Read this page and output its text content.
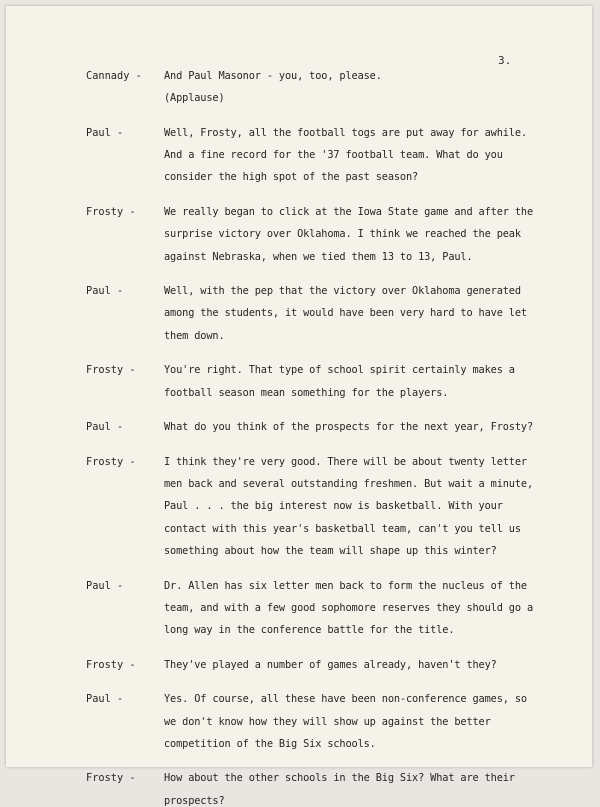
3.
Cannady -	And Paul Masonor - you, too, please.
(Applause)
Paul -	Well, Frosty, all the football togs are put away for awhile.
And a fine record for the '37 football team. What do you
consider the high spot of the past season?
Frosty -	We really began to click at the Iowa State game and after the
surprise victory over Oklahoma. I think we reached the peak
against Nebraska, when we tied them 13 to 13, Paul.
Paul -	Well, with the pep that the victory over Oklahoma generated
among the students, it would have been very hard to have let
them down.
Frosty -	You're right. That type of school spirit certainly makes a
football season mean something for the players.
Paul -	What do you think of the prospects for the next year, Frosty?
Frosty -	I think they're very good. There will be about twenty letter
men back and several outstanding freshmen. But wait a minute,
Paul . . . the big interest now is basketball. With your
contact with this year's basketball team, can't you tell us
something about how the team will shape up this winter?
Paul -	Dr. Allen has six letter men back to form the nucleus of the
team, and with a few good sophomore reserves they should go a
long way in the conference battle for the title.
Frosty -	They've played a number of games already, haven't they?
Paul -	Yes. Of course, all these have been non-conference games, so
we don't know how they will show up against the better
competition of the Big Six schools.
Frosty -	How about the other schools in the Big Six? What are their
prospects?
